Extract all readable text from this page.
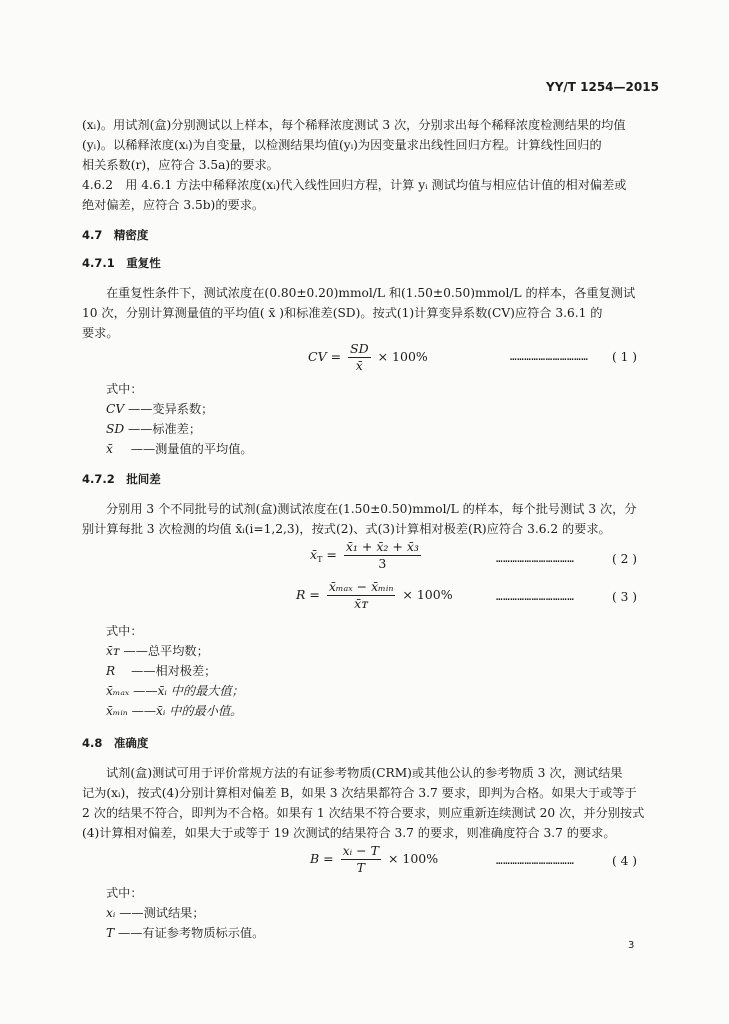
YY/T 1254—2015
(xᵢ)。用试剂(盒)分别测试以上样本，每个稀释浓度测试 3 次，分别求出每个稀释浓度检测结果的均值
(yᵢ)。以稀释浓度(xᵢ)为自变量，以检测结果均值(yᵢ)为因变量求出线性回归方程。计算线性回归的
相关系数(r)，应符合 3.5a)的要求。
4.6.2　用 4.6.1 方法中稀释浓度(xᵢ)代入线性回归方程，计算 yᵢ 测试均值与相应估计值的相对偏差或
绝对偏差，应符合 3.5b)的要求。
4.7　精密度
4.7.1　重复性
在重复性条件下，测试浓度在(0.80±0.20)mmol/L 和(1.50±0.50)mmol/L 的样本，各重复测试
10 次，分别计算测量值的平均值( x̄ )和标准差(SD)。按式(1)计算变异系数(CV)应符合 3.6.1 的
要求。
CV = $\frac{SD}{x̄} \times 100\%$	…………………………… ( 1 )
式中：
CV ——变异系数；
SD ——标准差；
x̄ ——测量值的平均值。
4.7.2　批间差
分别用 3 个不同批号的试剂(盒)测试浓度在(1.50±0.50)mmol/L 的样本，每个批号测试 3 次，分
别计算每批 3 次检测的均值 x̄ᵢ(i=1,2,3)，按式(2)、式(3)计算相对极差(R)应符合 3.6.2 的要求。
$x̄_T = \frac{\text{x̄₁ + x̄₂ + x̄₃}}{3}$	……………………………	( 2 )
$R = \frac{\text{x̄ₘₐₓ − x̄ₘᵢₙ}}{\text{x̄ᴛ}} \times 100\%$	……………………………	( 3 )
式中：
x̄ᴛ ——总平均数；
R ——相对极差；
x̄ₘₐₓ ——x̄ᵢ 中的最大值；
x̄ₘᵢₙ ——x̄ᵢ 中的最小值。
4.8　准确度
试剂(盒)测试可用于评价常规方法的有证参考物质(CRM)或其他公认的参考物质 3 次，测试结果
记为(xᵢ)，按式(4)分别计算相对偏差 B，如果 3 次结果都符合 3.7 要求，即判为合格。如果大于或等于
2 次的结果不符合，即判为不合格。如果有 1 次结果不符合要求，则应重新连续测试 20 次，并分别按式
(4)计算相对偏差，如果大于或等于 19 次测试的结果符合 3.7 的要求，则准确度符合 3.7 的要求。
$B = \frac{\text{xᵢ − T}}{T} \times 100\%$	……………………………	( 4 )
式中：
xᵢ ——测试结果；
T ——有证参考物质标示值。
3
